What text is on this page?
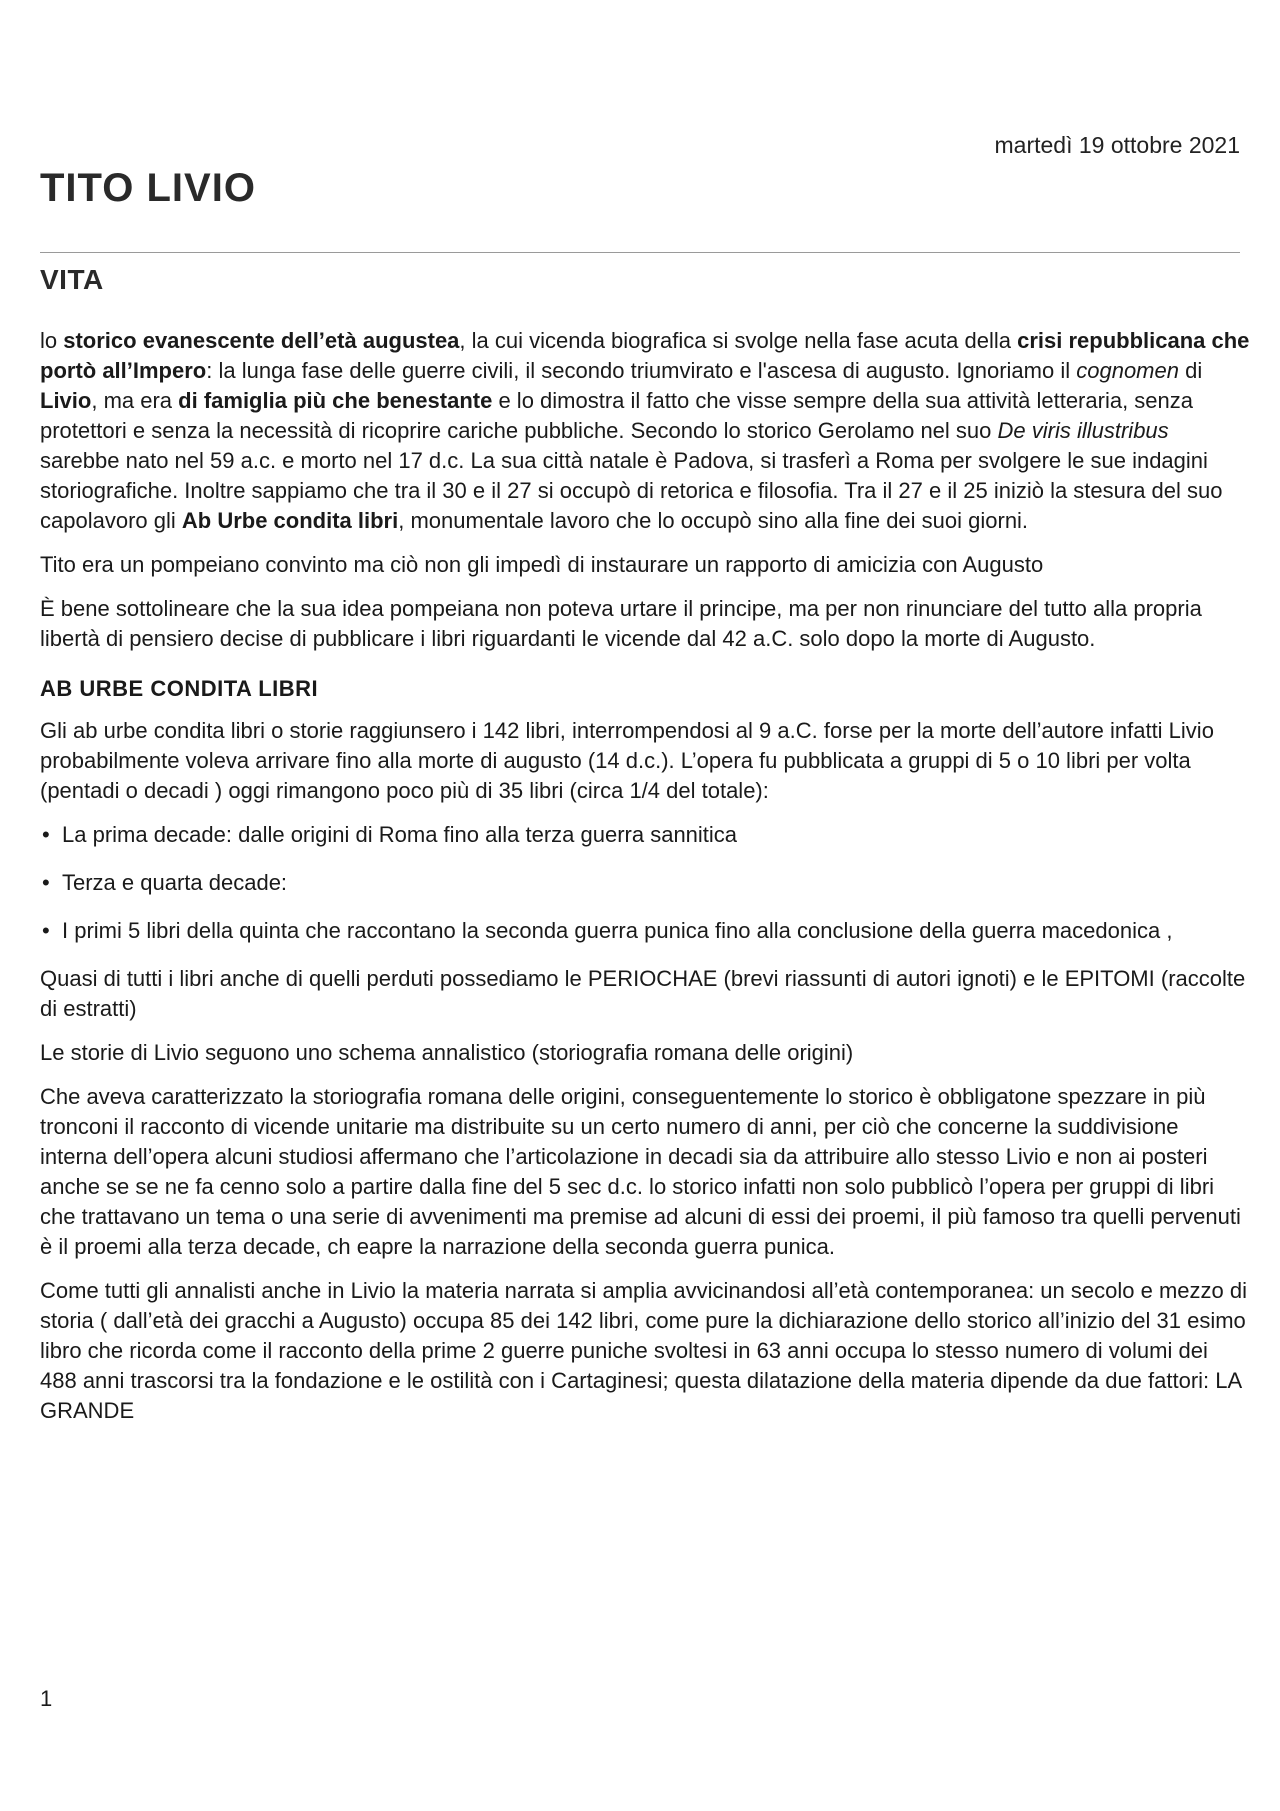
martedì 19 ottobre 2021
TITO LIVIO
VITA

lo storico evanescente dell’età augustea, la cui vicenda biografica si svolge nella fase acuta della crisi repubblicana che portò all’Impero: la lunga fase delle guerre civili, il secondo triumvirato e l'ascesa di augusto. Ignoriamo il cognomen di Livio, ma era di famiglia più che benestante e lo dimostra il fatto che visse sempre della sua attività letteraria, senza protettori e senza la necessità di ricoprire cariche pubbliche. Secondo lo storico Gerolamo nel suo De viris illustribus sarebbe nato nel 59 a.c. e morto nel 17 d.c. La sua città natale è Padova, si trasferì a Roma per svolgere le sue indagini storiografiche. Inoltre sappiamo che tra il 30 e il 27 si occupò di retorica e filosofia. Tra il 27 e il 25 iniziò la stesura del suo capolavoro gli Ab Urbe condita libri, monumentale lavoro che lo occupò sino alla fine dei suoi giorni.

Tito era un pompeiano convinto ma ciò non gli impedì di instaurare un rapporto di amicizia con Augusto

È bene sottolineare che la sua idea pompeiana non poteva urtare il principe, ma per non rinunciare del tutto alla propria libertà di pensiero decise di pubblicare i libri riguardanti le vicende dal 42 a.C. solo dopo la morte di Augusto.

AB URBE CONDITA LIBRI

Gli ab urbe condita libri o storie raggiunsero i 142 libri, interrompendosi al 9 a.C. forse per la morte dell’autore infatti Livio probabilmente voleva arrivare fino alla morte di augusto (14 d.c.). L’opera fu pubblicata a gruppi di 5 o 10 libri per volta (pentadi o decadi ) oggi rimangono poco più di 35 libri (circa 1/4 del totale):

• La prima decade: dalle origini di Roma fino alla terza guerra sannitica
• Terza e quarta decade:
• I primi 5 libri della quinta che raccontano la seconda guerra punica fino alla conclusione della guerra macedonica ,

Quasi di tutti i libri anche di quelli perduti possediamo le PERIOCHAE (brevi riassunti di autori ignoti) e le EPITOMI (raccolte di estratti)

Le storie di Livio seguono uno schema annalistico (storiografia romana delle origini)

Che aveva caratterizzato la storiografia romana delle origini, conseguentemente lo storico è obbligatone spezzare in più tronconi il racconto di vicende unitarie ma distribuite su un certo numero di anni, per ciò che concerne la suddivisione interna dell’opera alcuni studiosi affermano che l’articolazione in decadi sia da attribuire allo stesso Livio e non ai posteri anche se se ne fa cenno solo a partire dalla fine del 5 sec d.c. lo storico infatti non solo pubblicò l’opera per gruppi di libri che trattavano un tema o una serie di avvenimenti ma premise ad alcuni di essi dei proemi, il più famoso tra quelli pervenuti è il proemi alla terza decade, ch eapre la narrazione della seconda guerra punica.

Come tutti gli annalisti anche in Livio la materia narrata si amplia avvicinandosi all’età contemporanea: un secolo e mezzo di storia ( dall’età dei gracchi a Augusto) occupa 85 dei 142 libri, come pure la dichiarazione dello storico all’inizio del 31 esimo libro che ricorda come il racconto della prime 2 guerre puniche svoltesi in 63 anni occupa lo stesso numero di volumi dei 488 anni trascorsi tra la fondazione e le ostilità con i Cartaginesi; questa dilatazione della materia dipende da due fattori: LA GRANDE

1
